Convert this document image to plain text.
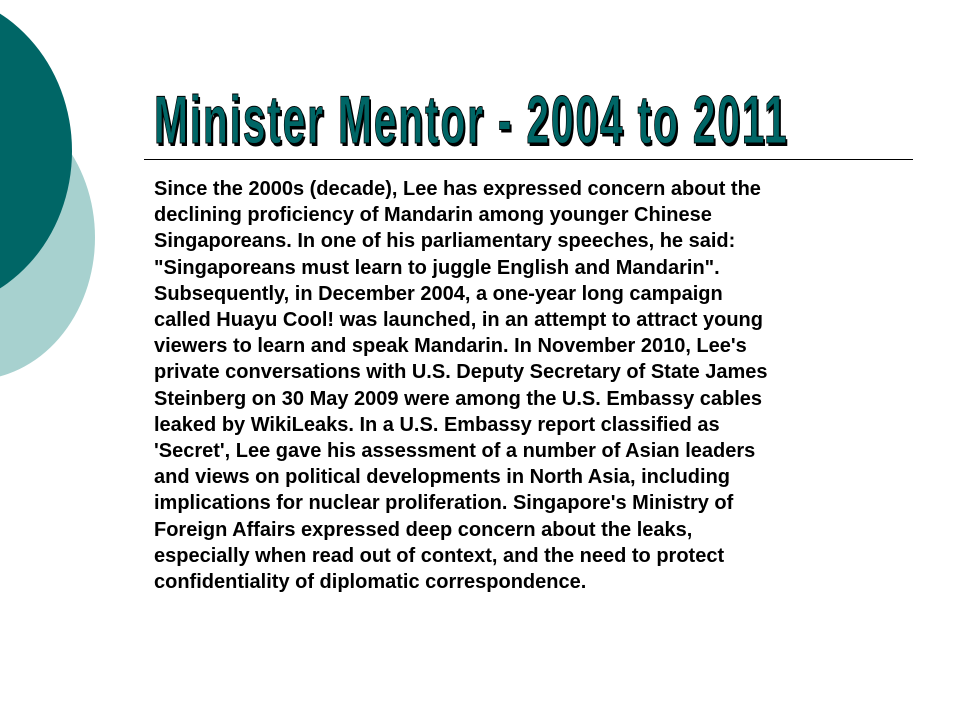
Minister Mentor - 2004 to 2011

Since the 2000s (decade), Lee has expressed concern about the
declining proficiency of Mandarin among younger Chinese
Singaporeans. In one of his parliamentary speeches, he said:
"Singaporeans must learn to juggle English and Mandarin".
Subsequently, in December 2004, a one-year long campaign
called Huayu Cool! was launched, in an attempt to attract young
viewers to learn and speak Mandarin. In November 2010, Lee's
private conversations with U.S. Deputy Secretary of State James
Steinberg on 30 May 2009 were among the U.S. Embassy cables
leaked by WikiLeaks. In a U.S. Embassy report classified as
'Secret', Lee gave his assessment of a number of Asian leaders
and views on political developments in North Asia, including
implications for nuclear proliferation. Singapore's Ministry of
Foreign Affairs expressed deep concern about the leaks,
especially when read out of context, and the need to protect
confidentiality of diplomatic correspondence.
